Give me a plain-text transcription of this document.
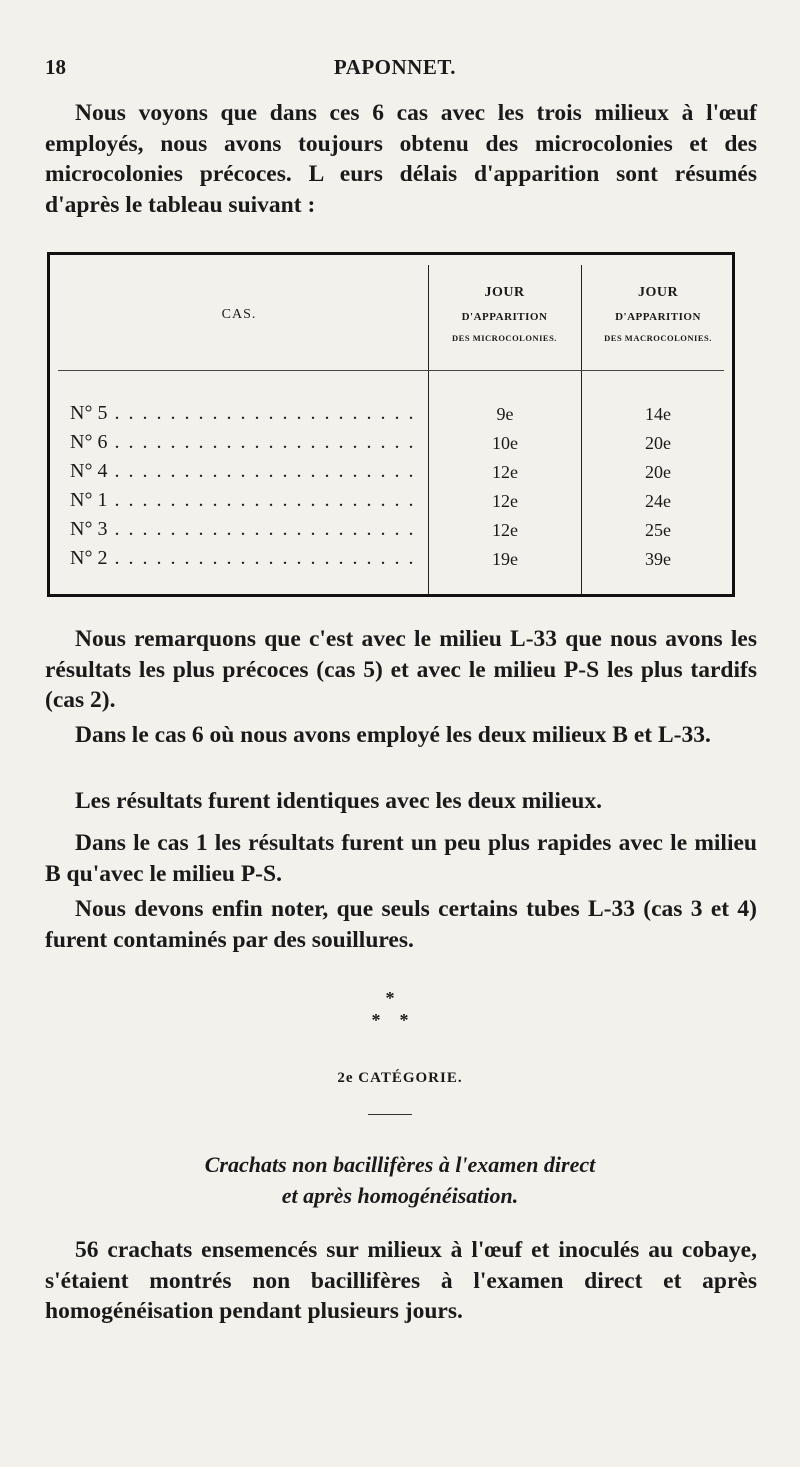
18	PAPONNET.
Nous voyons que dans ces 6 cas avec les trois milieux à l'œuf employés, nous avons toujours obtenu des microcolonies et des microcolonies précoces. L eurs délais d'apparition sont résumés d'après le tableau suivant :
CAS.
JOUR
D'APPARITION
DES MICROCOLONIES.
JOUR
D'APPARITION
DES MACROCOLONIES.
N° 5 . . .	9e	14e
N° 6 . . .	10e	20e
N° 4 . . .	12e	20e
N° 1 . . .	12e	24e
N° 3 . . .	12e	25e
N° 2 . . .	19e	39e
Nous remarquons que c'est avec le milieu L-33 que nous avons les résultats les plus précoces (cas 5) et avec le milieu P-S les plus tardifs (cas 2).
Dans le cas 6 où nous avons employé les deux milieux B et L-33.
Les résultats furent identiques avec les deux milieux.
Dans le cas 1 les résultats furent un peu plus rapides avec le milieu B qu'avec le milieu P-S.
Nous devons enfin noter, que seuls certains tubes L-33 (cas 3 et 4) furent contaminés par des souillures.
*
* *
2e CATÉGORIE.
Crachats non bacillifères à l'examen direct
et après homogénéisation.
56 crachats ensemencés sur milieux à l'œuf et inoculés au cobaye, s'étaient montrés non bacillifères à l'examen direct et après homogénéisation pendant plusieurs jours.
